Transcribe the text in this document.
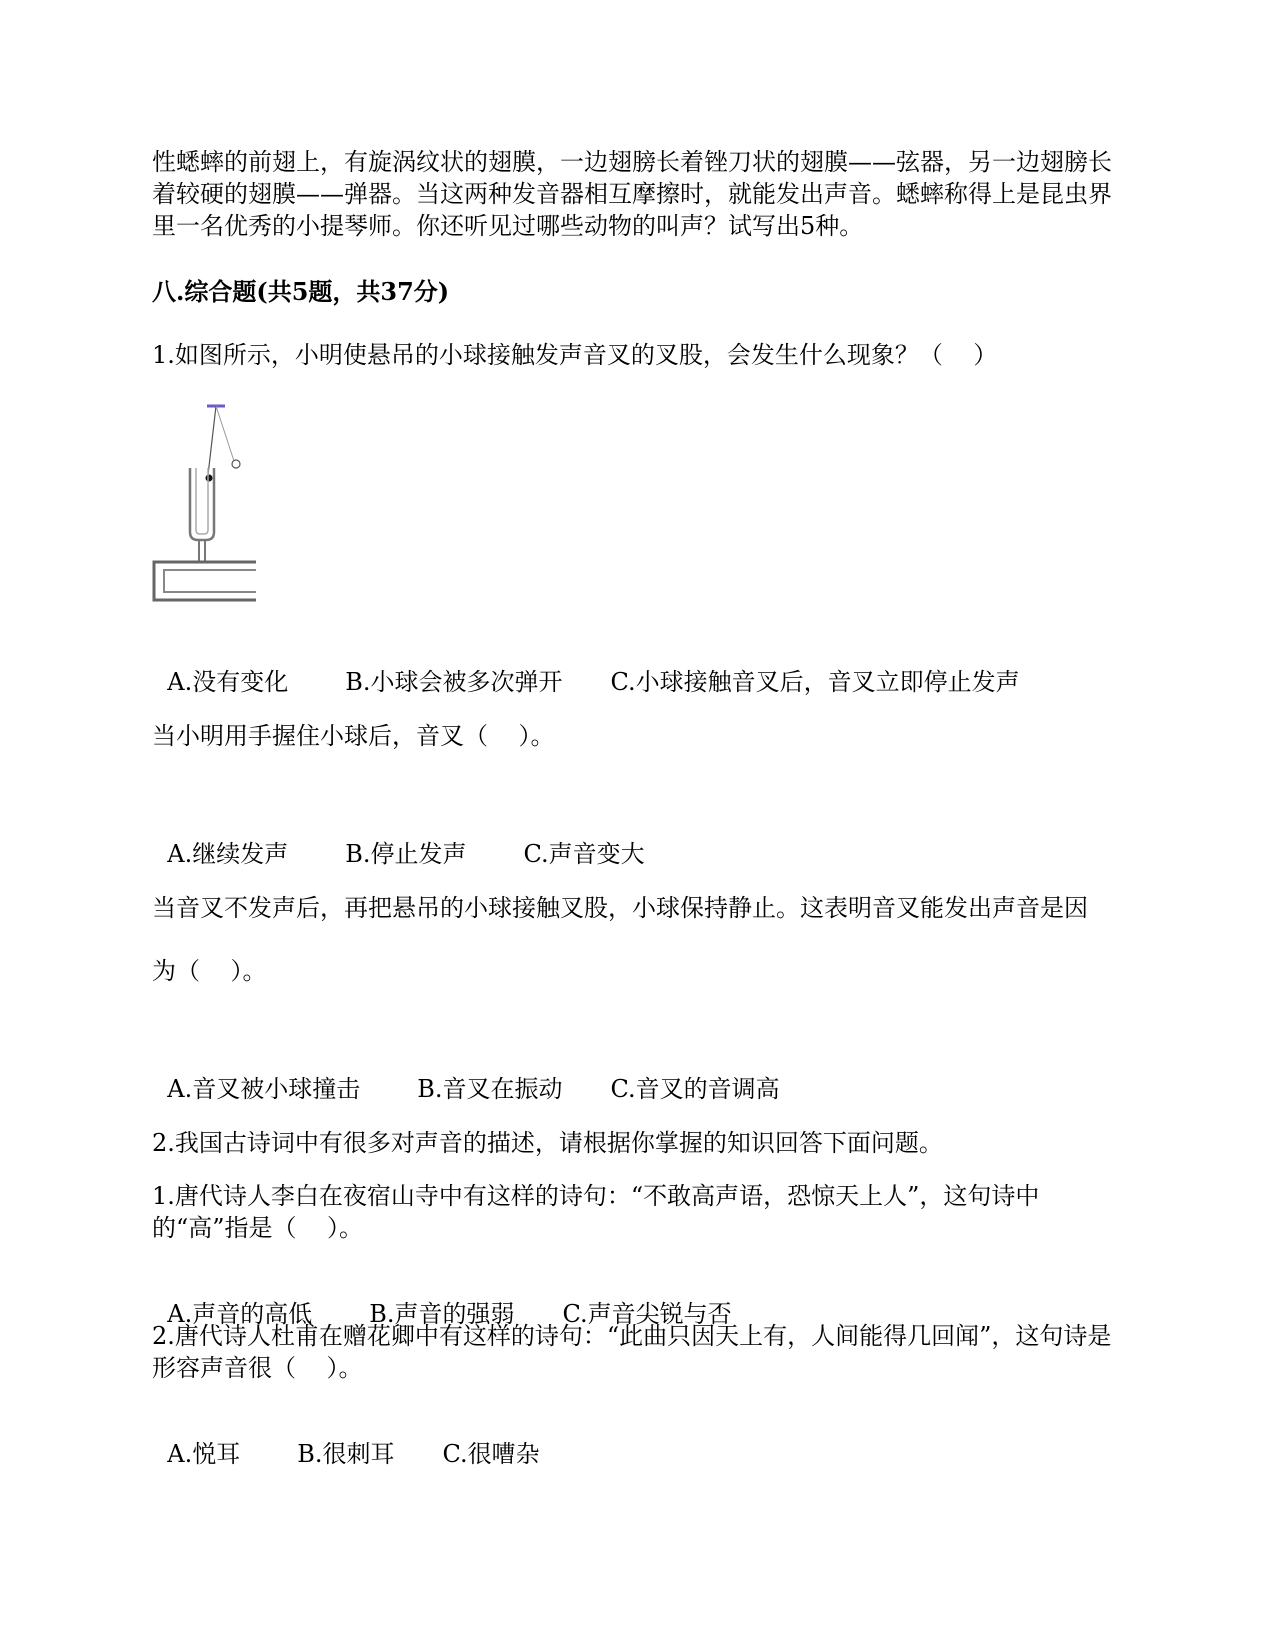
性蟋蟀的前翅上，有旋涡纹状的翅膜，一边翅膀长着锉刀状的翅膜——弦器，另一边翅膀长着较硬的翅膜——弹器。当这两种发音器相互摩擦时，就能发出声音。蟋蟀称得上是昆虫界里一名优秀的小提琴师。你还听见过哪些动物的叫声？试写出5种。
八.综合题(共5题，共37分)
1.如图所示，小明使悬吊的小球接触发声音叉的叉股，会发生什么现象？（    ）

A.没有变化 B.小球会被多次弹开 C.小球接触音叉后，音叉立即停止发声

当小明用手握住小球后，音叉（    ）。

A.继续发声 B.停止发声 C.声音变大

当音叉不发声后，再把悬吊的小球接触叉股，小球保持静止。这表明音叉能发出声音是因
为（    ）。

A.音叉被小球撞击 B.音叉在振动 C.音叉的音调高

2.我国古诗词中有很多对声音的描述，请根据你掌握的知识回答下面问题。
1.唐代诗人李白在夜宿山寺中有这样的诗句：“不敢高声语，恐惊天上人”，这句诗中的“高”指是（    ）。

A.声音的高低 B.声音的强弱 C.声音尖锐与否

2.唐代诗人杜甫在赠花卿中有这样的诗句：“此曲只因天上有，人间能得几回闻”，这句诗是形容声音很（    ）。

A.悦耳 B.很刺耳 C.很嘈杂
